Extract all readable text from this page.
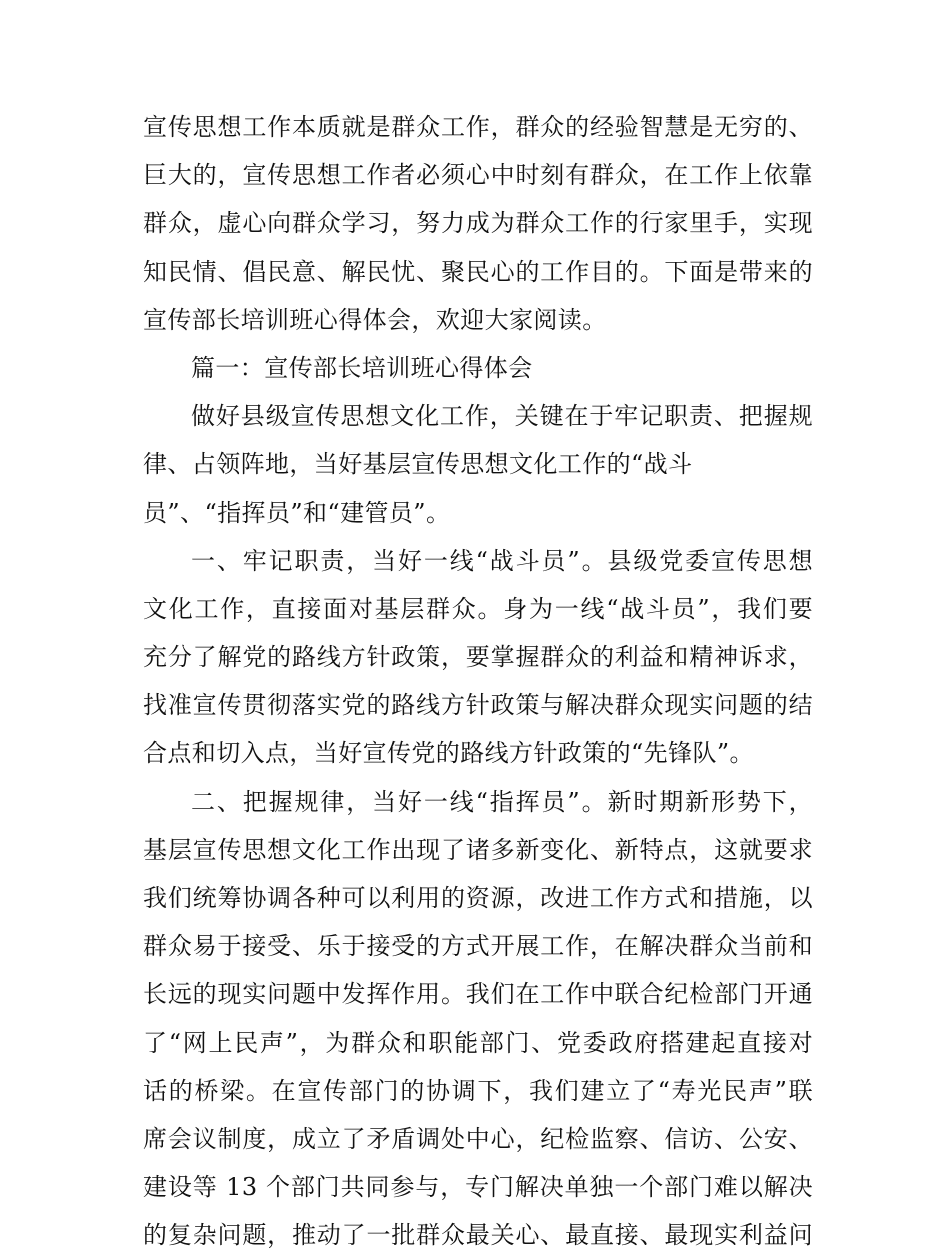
宣传思想工作本质就是群众工作，群众的经验智慧是无穷的、
巨大的，宣传思想工作者必须心中时刻有群众，在工作上依靠
群众，虚心向群众学习，努力成为群众工作的行家里手，实现
知民情、倡民意、解民忧、聚民心的工作目的。下面是带来的
宣传部长培训班心得体会，欢迎大家阅读。
篇一：宣传部长培训班心得体会
做好县级宣传思想文化工作，关键在于牢记职责、把握规
律、占领阵地，当好基层宣传思想文化工作的“战斗
员”、“指挥员”和“建管员”。
一、牢记职责，当好一线“战斗员”。县级党委宣传思想
文化工作，直接面对基层群众。身为一线“战斗员”，我们要
充分了解党的路线方针政策，要掌握群众的利益和精神诉求，
找准宣传贯彻落实党的路线方针政策与解决群众现实问题的结
合点和切入点，当好宣传党的路线方针政策的“先锋队”。
二、把握规律，当好一线“指挥员”。新时期新形势下，
基层宣传思想文化工作出现了诸多新变化、新特点，这就要求
我们统筹协调各种可以利用的资源，改进工作方式和措施，以
群众易于接受、乐于接受的方式开展工作，在解决群众当前和
长远的现实问题中发挥作用。我们在工作中联合纪检部门开通
了“网上民声”，为群众和职能部门、党委政府搭建起直接对
话的桥梁。在宣传部门的协调下，我们建立了“寿光民声”联
席会议制度，成立了矛盾调处中心，纪检监察、信访、公安、
建设等 13 个部门共同参与，专门解决单独一个部门难以解决
的复杂问题，推动了一批群众最关心、最直接、最现实利益问
